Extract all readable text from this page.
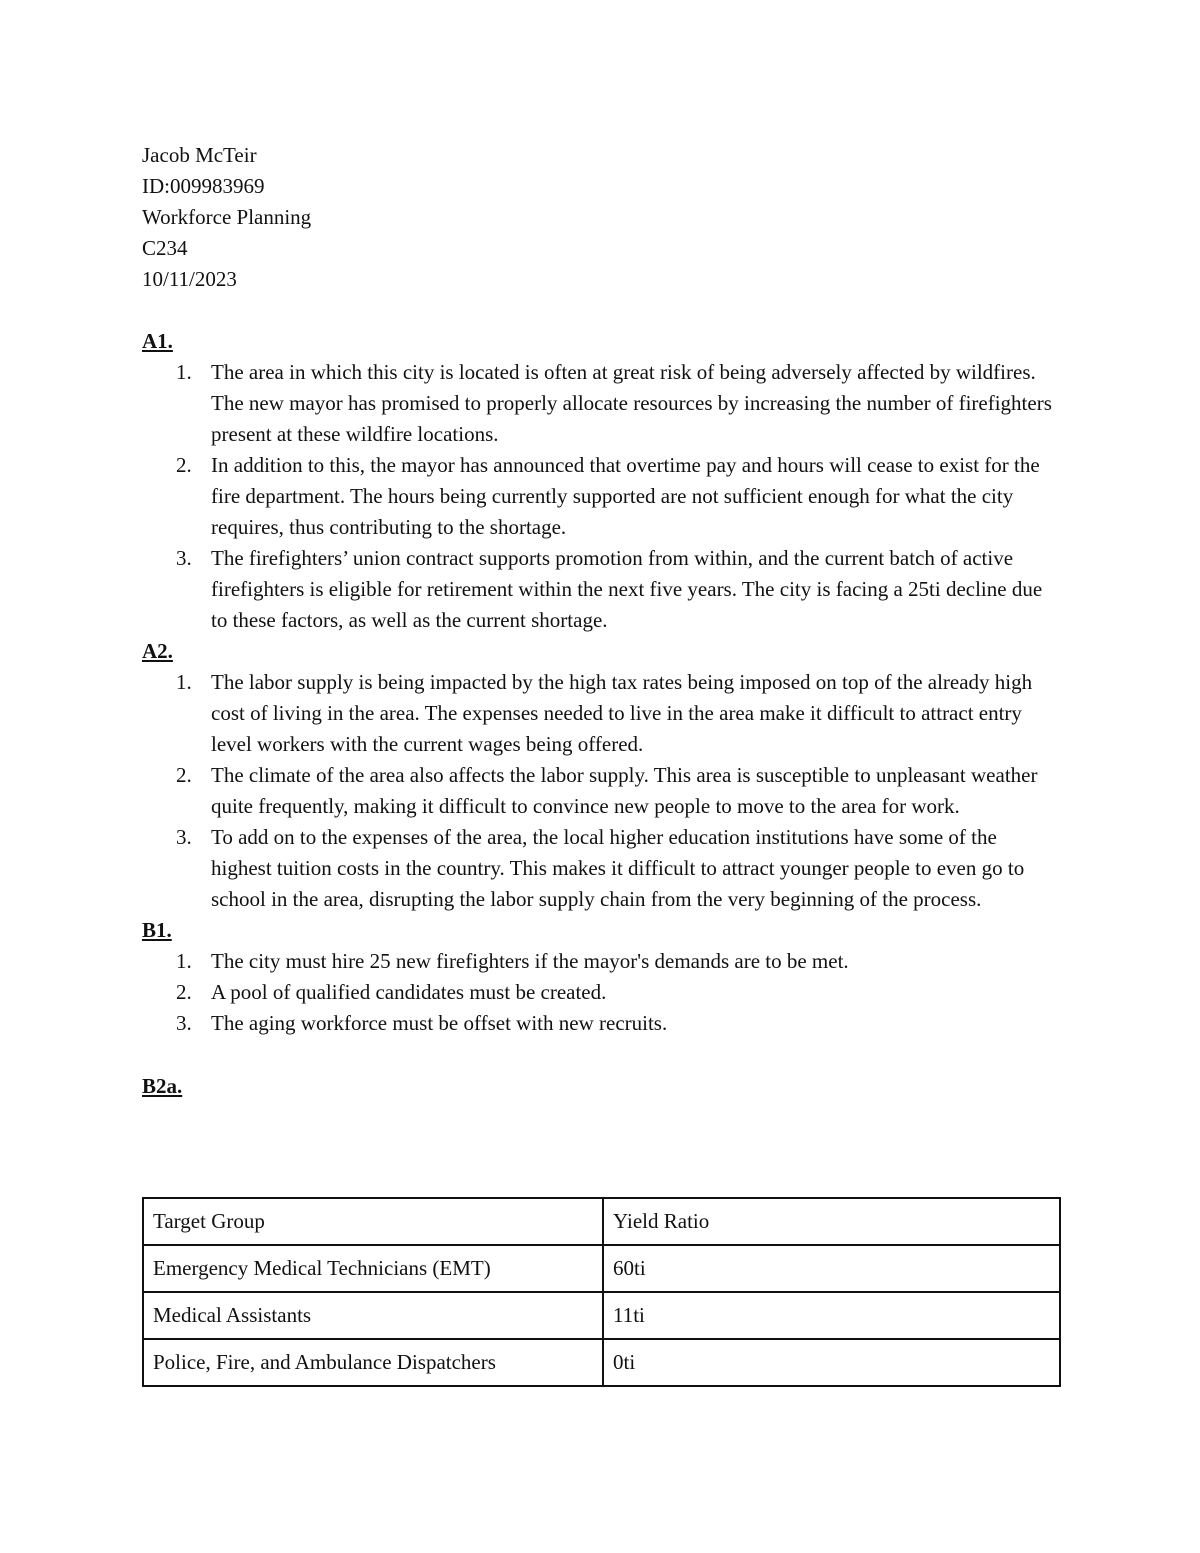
Jacob McTeir
ID:009983969
Workforce Planning
C234
10/11/2023
A1.
1. The area in which this city is located is often at great risk of being adversely affected by wildfires. The new mayor has promised to properly allocate resources by increasing the number of firefighters present at these wildfire locations.
2. In addition to this, the mayor has announced that overtime pay and hours will cease to exist for the fire department. The hours being currently supported are not sufficient enough for what the city requires, thus contributing to the shortage.
3. The firefighters’ union contract supports promotion from within, and the current batch of active firefighters is eligible for retirement within the next five years. The city is facing a 25ti decline due to these factors, as well as the current shortage.
A2.
1. The labor supply is being impacted by the high tax rates being imposed on top of the already high cost of living in the area. The expenses needed to live in the area make it difficult to attract entry level workers with the current wages being offered.
2. The climate of the area also affects the labor supply. This area is susceptible to unpleasant weather quite frequently, making it difficult to convince new people to move to the area for work.
3. To add on to the expenses of the area, the local higher education institutions have some of the highest tuition costs in the country. This makes it difficult to attract younger people to even go to school in the area, disrupting the labor supply chain from the very beginning of the process.
B1.
1. The city must hire 25 new firefighters if the mayor's demands are to be met.
2. A pool of qualified candidates must be created.
3. The aging workforce must be offset with new recruits.
B2a.
Target Group	Yield Ratio
Emergency Medical Technicians (EMT)	60ti
Medical Assistants	11ti
Police, Fire, and Ambulance Dispatchers	0ti
